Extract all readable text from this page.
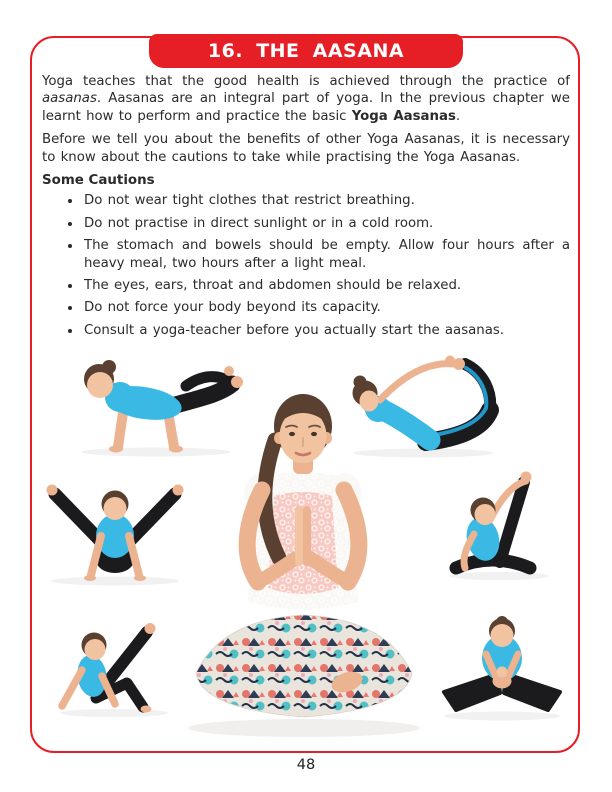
16. THE AASANA

Yoga teaches that the good health is achieved through the practice of aasanas. Aasanas are an integral part of yoga. In the previous chapter we learnt how to perform and practice the basic Yoga Aasanas.

Before we tell you about the benefits of other Yoga Aasanas, it is necessary to know about the cautions to take while practising the Yoga Aasanas.

Some Cautions

• Do not wear tight clothes that restrict breathing.
• Do not practise in direct sunlight or in a cold room.
• The stomach and bowels should be empty. Allow four hours after a heavy meal, two hours after a light meal.
• The eyes, ears, throat and abdomen should be relaxed.
• Do not force your body beyond its capacity.
• Consult a yoga-teacher before you actually start the aasanas.
48
